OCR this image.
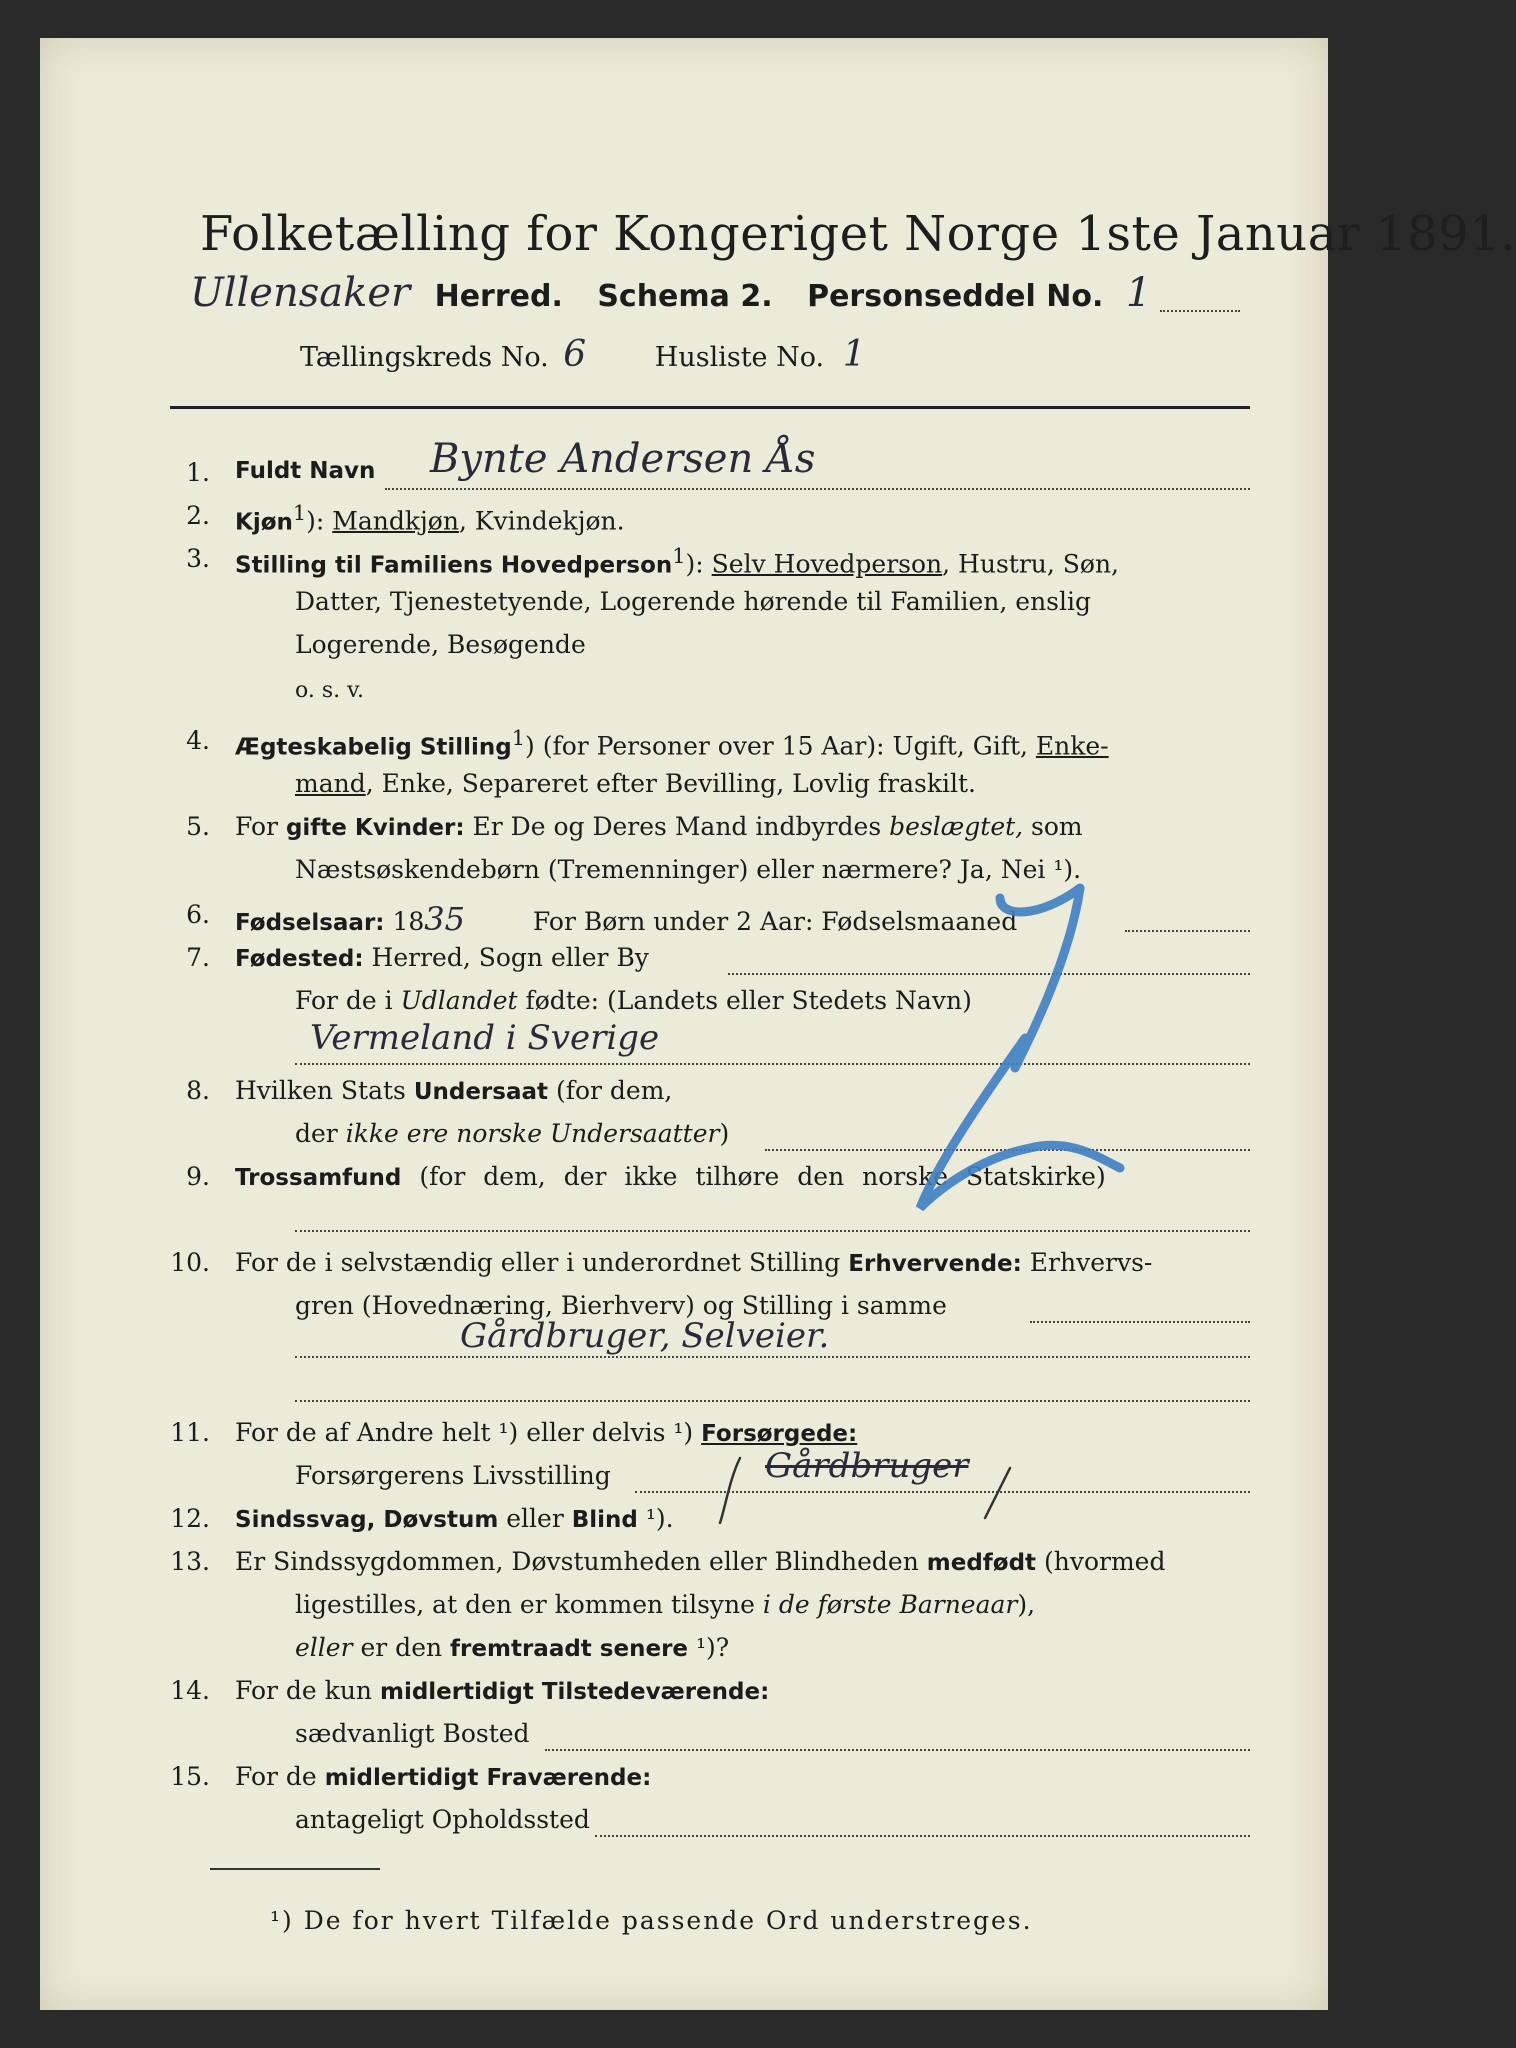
Folketælling for Kongeriget Norge 1ste Januar 1891.
Ullensaker Herred. Schema 2. Personseddel No. 1
Tællingskreds No. 6	Husliste No. 1
1. Fuldt Navn Bynte Andersen Ås
2. Kjøn$^1$): Mandkjøn, Kvindekjøn.
3. Stilling til Familiens Hovedperson$^1$): Selv Hovedperson, Hustru, Søn,
Datter, Tjenestetyende, Logerende hørende til Familien, enslig
Logerende, Besøgende
o. s. v.
4. Ægteskabelig Stilling$^1$) (for Personer over 15 Aar): Ugift, Gift, Enke-
mand, Enke, Separeret efter Bevilling, Lovlig fraskilt.
5. For gifte Kvinder: Er De og Deres Mand indbyrdes beslægtet, som
Næstsøskendebørn (Tremenninger) eller nærmere? Ja, Nei ¹).
6. Fødselsaar: 1835 For Børn under 2 Aar: Fødselsmaaned
7. Fødested: Herred, Sogn eller By
For de i Udlandet fødte: (Landets eller Stedets Navn)
Vermeland i Sverige
8. Hvilken Stats Undersaat (for dem,
der ikke ere norske Undersaatter)
9. Trossamfund (for dem, der ikke tilhøre den norske Statskirke)
10. For de i selvstændig eller i underordnet Stilling Erhvervende: Erhvervs-
gren (Hovednæring, Bierhverv) og Stilling i samme
Gårdbruger, Selveier.
11. For de af Andre helt ¹) eller delvis ¹) Forsørgede:
Forsørgerens Livsstilling	Gårdbruger
12. Sindssvag, Døvstum eller Blind ¹).
13. Er Sindssygdommen, Døvstumheden eller Blindheden medfødt (hvormed
ligestilles, at den er kommen tilsyne i de første Barneaar),
eller er den fremtraadt senere ¹)?
14. For de kun midlertidigt Tilstedeværende:
sædvanligt Bosted
15. For de midlertidigt Fraværende:
antageligt Opholdssted
¹) De for hvert Tilfælde passende Ord understreges.
